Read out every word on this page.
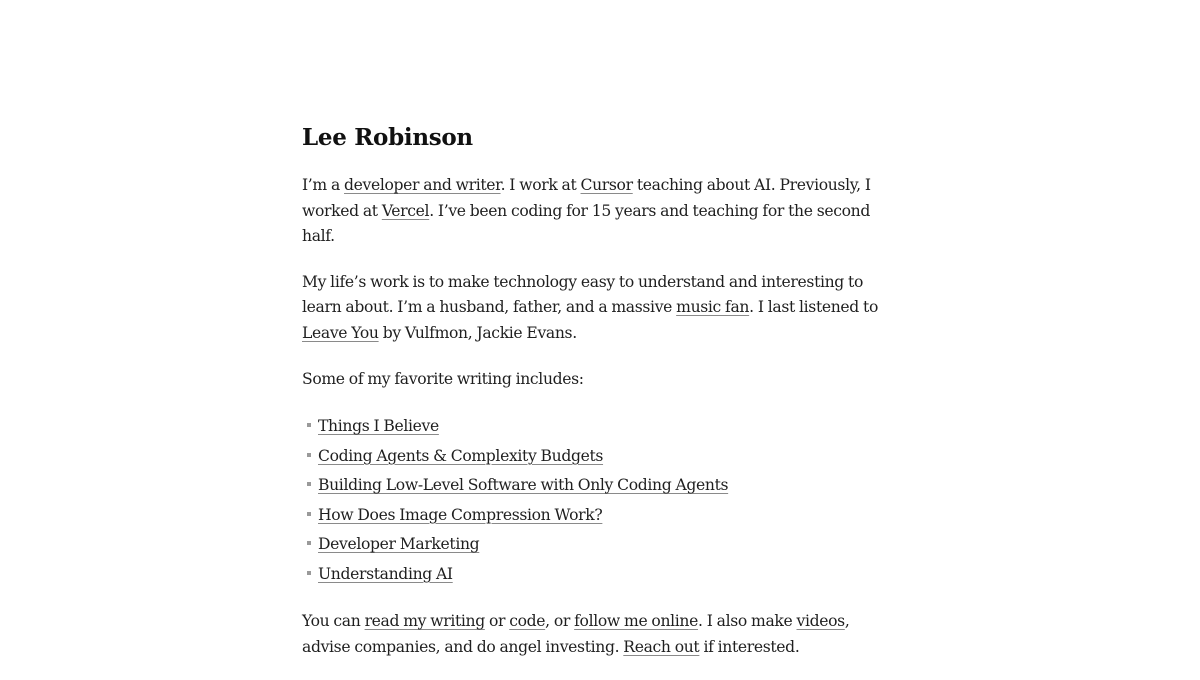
Lee Robinson

I’m a developer and writer. I work at Cursor teaching about AI. Previously, I worked at Vercel. I’ve been coding for 15 years and teaching for the second half.

My life’s work is to make technology easy to understand and interesting to learn about. I’m a husband, father, and a massive music fan. I last listened to Leave You by Vulfmon, Jackie Evans.

Some of my favorite writing includes:

Things I Believe
Coding Agents & Complexity Budgets
Building Low-Level Software with Only Coding Agents
How Does Image Compression Work?
Developer Marketing
Understanding AI

You can read my writing or code, or follow me online. I also make videos, advise companies, and do angel investing. Reach out if interested.
